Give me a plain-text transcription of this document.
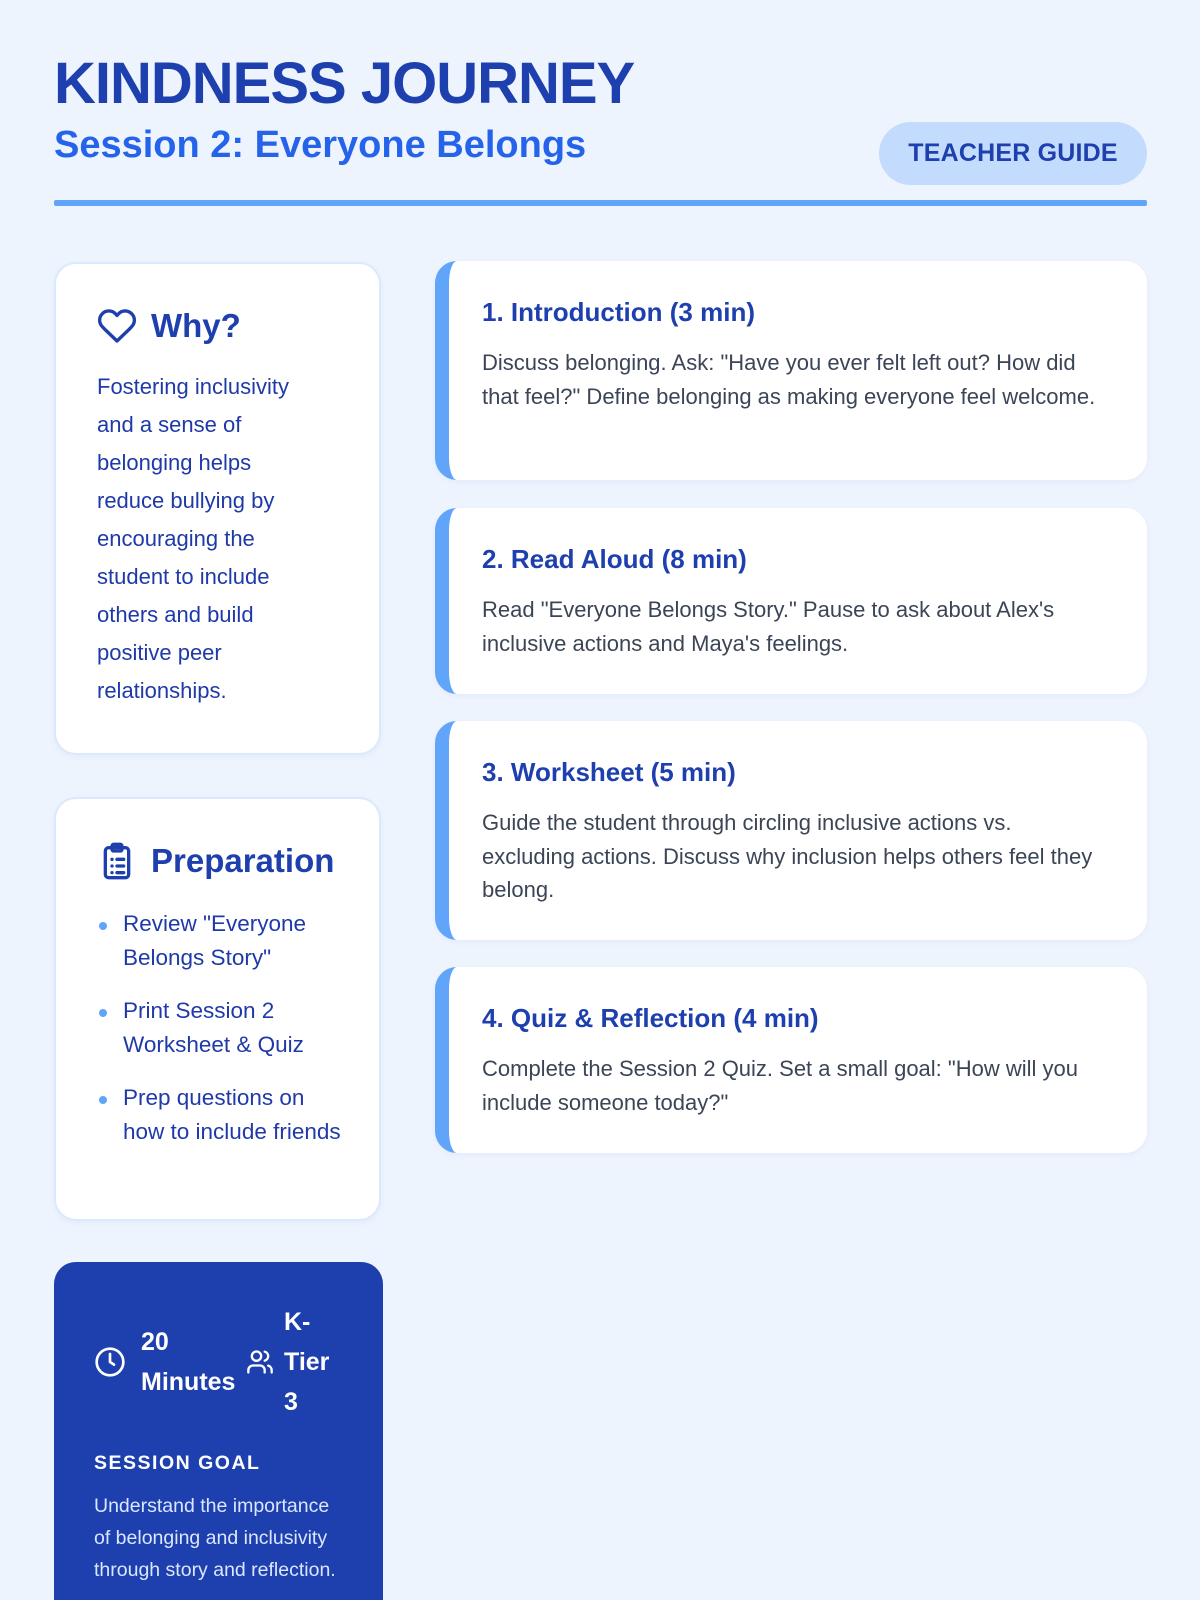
KINDNESS JOURNEY
Session 2: Everyone Belongs	TEACHER GUIDE
Why?

Fostering inclusivity and a sense of belonging helps reduce bullying by encouraging the student to include others and build positive peer relationships.

Preparation
Review "Everyone Belongs Story"
Print Session 2 Worksheet & Quiz
Prep questions on how to include friends
20 Minutes
K-Tier 3
SESSION GOAL

Understand the importance of belonging and inclusivity through story and reflection.

1. Introduction (3 min)

Discuss belonging. Ask: "Have you ever felt left out? How did that feel?" Define belonging as making everyone feel welcome.

2. Read Aloud (8 min)

Read "Everyone Belongs Story." Pause to ask about Alex's inclusive actions and Maya's feelings.

3. Worksheet (5 min)

Guide the student through circling inclusive actions vs. excluding actions. Discuss why inclusion helps others feel they belong.

4. Quiz & Reflection (4 min)

Complete the Session 2 Quiz. Set a small goal: "How will you include someone today?"
